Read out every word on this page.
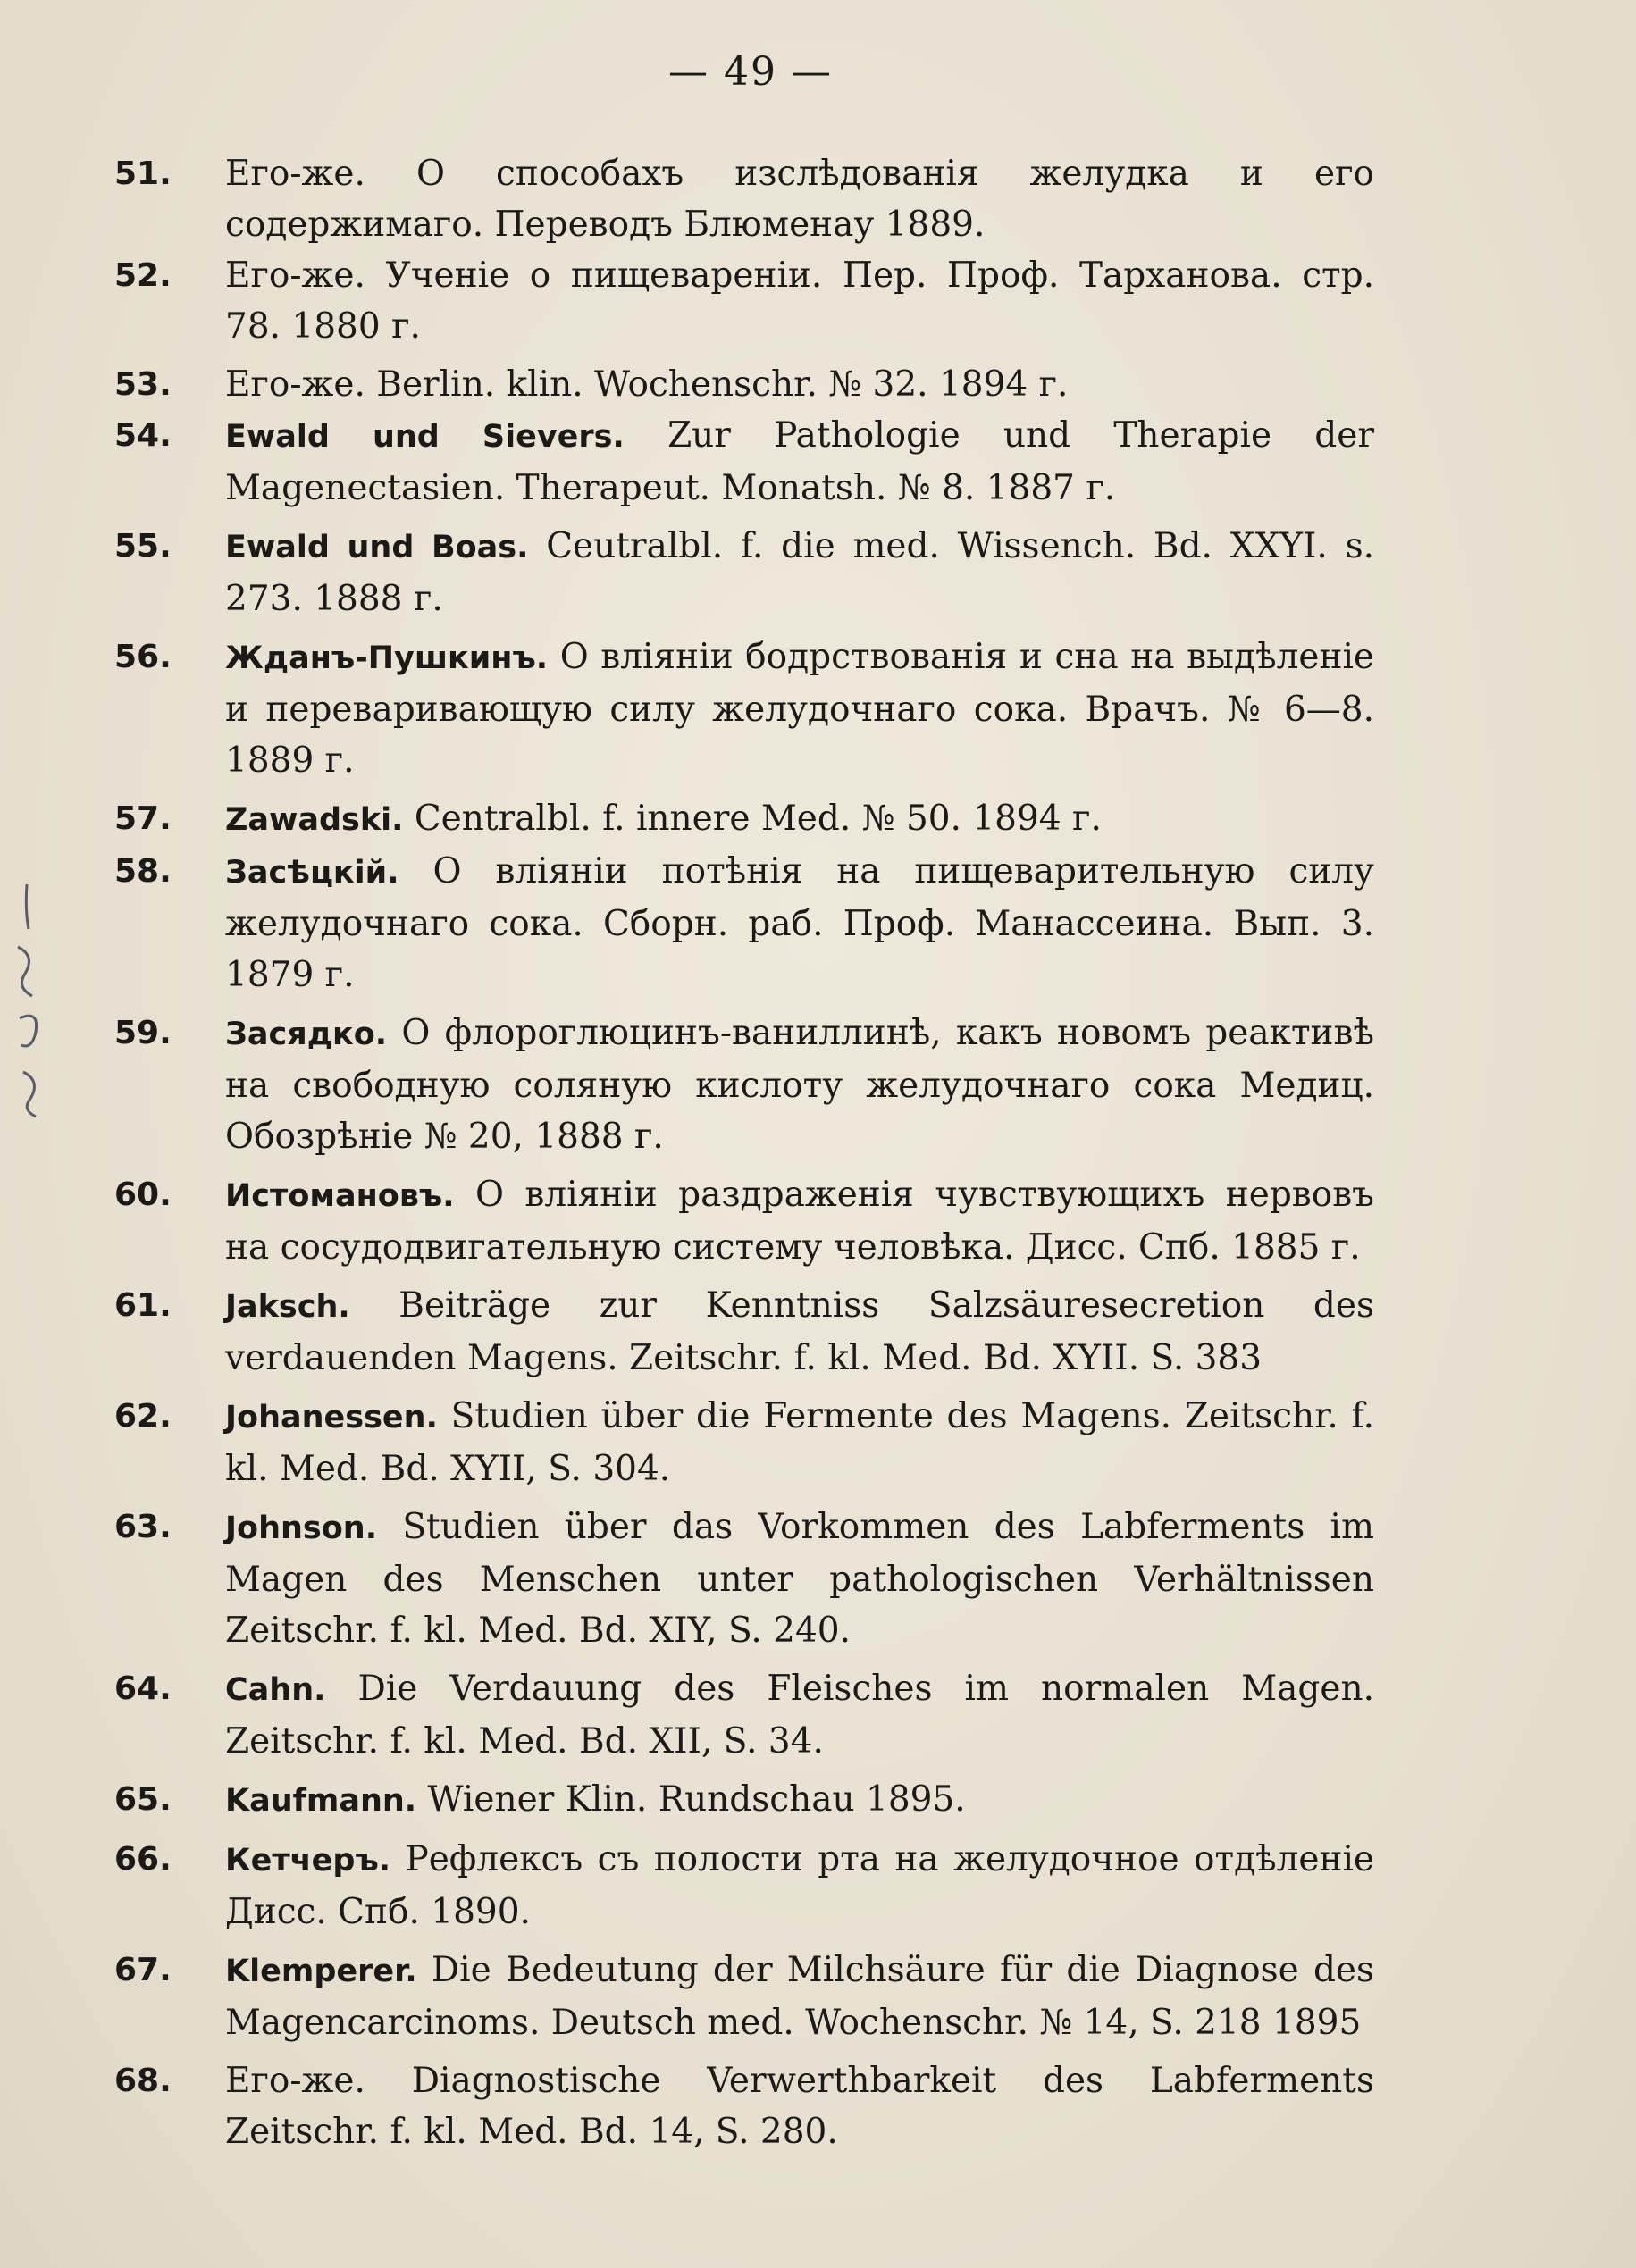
— 49 —
51. Его-же. О способахъ изслѣдованія желудка и его содержимаго. Переводъ Блюменау 1889.
52. Его-же. Ученіе о пищевареніи. Пер. Проф. Тарханова. стр. 78. 1880 г.
53. Его-же. Berlin. klin. Wochenschr. № 32. 1894 г.
54. Ewald und Sievers. Zur Pathologie und Therapie der Magenectasien. Therapeut. Monatsh. № 8. 1887 г.
55. Ewald und Boas. Ceutralbl. f. die med. Wissench. Bd. XXYI. s. 273. 1888 г.
56. Жданъ-Пушкинъ. О вліяніи бодрствованія и сна на выдѣленіе и переваривающую силу желудочнаго сока. Врачъ. № 6—8. 1889 г.
57. Zawadski. Centralbl. f. innere Med. № 50. 1894 г.
58. Засѣцкій. О вліяніи потѣнія на пищеварительную силу желудочнаго сока. Сборн. раб. Проф. Манассеина. Вып. 3. 1879 г.
59. Засядко. О флороглюцинъ-ваниллинѣ, какъ новомъ реактивѣ на свободную соляную кислоту желудочнаго сока Медиц. Обозрѣніе № 20, 1888 г.
60. Истомановъ. О вліяніи раздраженія чувствующихъ нервовъ на сосудодвигательную систему человѣка. Дисс. Спб. 1885 г.
61. Jaksch. Beiträge zur Kenntniss Salzsäuresecretion des verdauenden Magens. Zeitschr. f. kl. Med. Bd. XYII. S. 383
62. Johanessen. Studien über die Fermente des Magens. Zeitschr. f. kl. Med. Bd. XYII, S. 304.
63. Johnson. Studien über das Vorkommen des Labferments im Magen des Menschen unter pathologischen Verhältnissen Zeitschr. f. kl. Med. Bd. XIY, S. 240.
64. Cahn. Die Verdauung des Fleisches im normalen Magen. Zeitschr. f. kl. Med. Bd. XII, S. 34.
65. Kaufmann. Wiener Klin. Rundschau 1895.
66. Кетчеръ. Рефлексъ съ полости рта на желудочное отдѣленіе Дисс. Спб. 1890.
67. Klemperer. Die Bedeutung der Milchsäure für die Diagnose des Magencarcinoms. Deutsch med. Wochenschr. № 14, S. 218 1895
68. Его-же. Diagnostische Verwerthbarkeit des Labferments Zeitschr. f. kl. Med. Bd. 14, S. 280.
